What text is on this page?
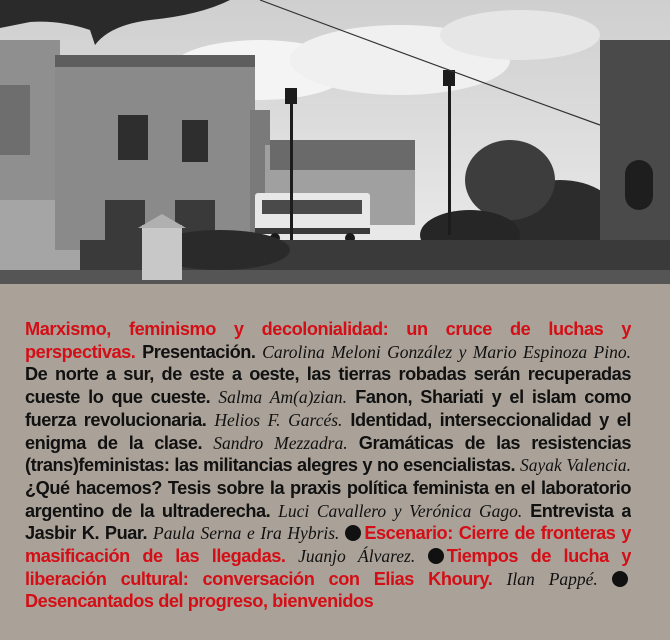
Marxismo, feminismo y decolonialidad: un cruce de luchas y perspectivas. Presentación. Carolina Meloni González y Mario Espinoza Pino. De norte a sur, de este a oeste, las tierras robadas serán recuperadas cueste lo que cueste. Salma Am(a)zian. Fanon, Shariati y el islam como fuerza revolucionaria. Helios F. Garcés. Identidad, interseccionalidad y el enigma de la clase. Sandro Mezzadra. Gramáticas de las resistencias (trans)feministas: las militancias alegres y no esencialistas. Sayak Valencia. ¿Qué hacemos? Tesis sobre la praxis política feminista en el laboratorio argentino de la ultraderecha. Luci Cavallero y Verónica Gago. Entrevista a Jasbir K. Puar. Paula Serna e Ira Hybris. Escenario: Cierre de fronteras y masificación de las llegadas. Juanjo Álvarez. Tiempos de lucha y liberación cultural: conversación con Elias Khoury. Ilan Pappé. Desencantados del progreso, bienvenidos
